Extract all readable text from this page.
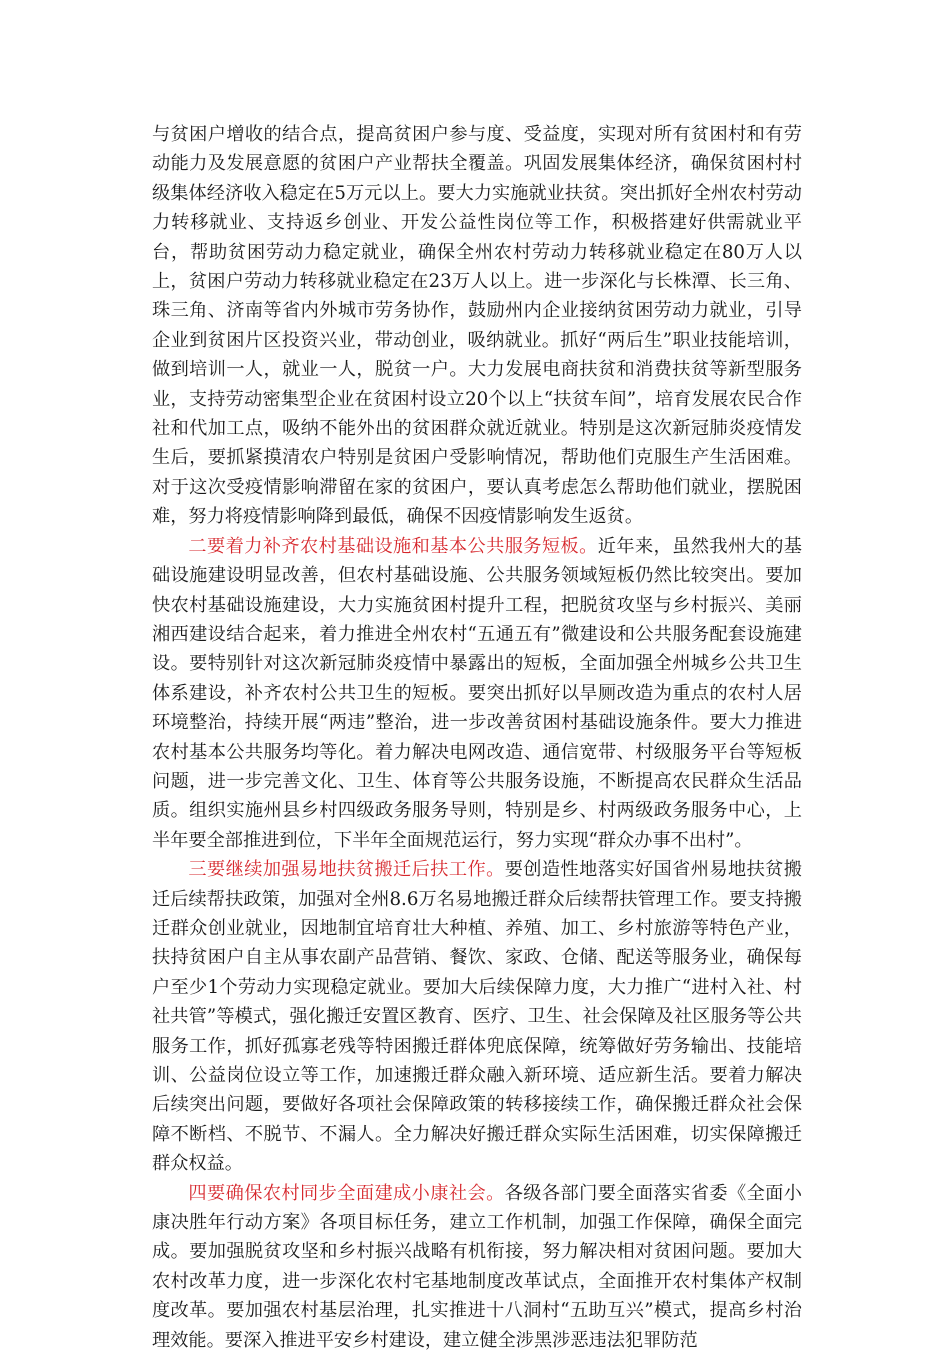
与贫困户增收的结合点，提高贫困户参与度、受益度，实现对所有贫困村和有劳动能力及发展意愿的贫困户产业帮扶全覆盖。巩固发展集体经济，确保贫困村村级集体经济收入稳定在5万元以上。要大力实施就业扶贫。突出抓好全州农村劳动力转移就业、支持返乡创业、开发公益性岗位等工作，积极搭建好供需就业平台，帮助贫困劳动力稳定就业，确保全州农村劳动力转移就业稳定在80万人以上，贫困户劳动力转移就业稳定在23万人以上。进一步深化与长株潭、长三角、珠三角、济南等省内外城市劳务协作，鼓励州内企业接纳贫困劳动力就业，引导企业到贫困片区投资兴业，带动创业，吸纳就业。抓好“两后生”职业技能培训，做到培训一人，就业一人，脱贫一户。大力发展电商扶贫和消费扶贫等新型服务业，支持劳动密集型企业在贫困村设立20个以上“扶贫车间”，培育发展农民合作社和代加工点，吸纳不能外出的贫困群众就近就业。特别是这次新冠肺炎疫情发生后，要抓紧摸清农户特别是贫困户受影响情况，帮助他们克服生产生活困难。对于这次受疫情影响滞留在家的贫困户，要认真考虑怎么帮助他们就业，摆脱困难，努力将疫情影响降到最低，确保不因疫情影响发生返贫。

二要着力补齐农村基础设施和基本公共服务短板。近年来，虽然我州大的基础设施建设明显改善，但农村基础设施、公共服务领域短板仍然比较突出。要加快农村基础设施建设，大力实施贫困村提升工程，把脱贫攻坚与乡村振兴、美丽湘西建设结合起来，着力推进全州农村“五通五有”微建设和公共服务配套设施建设。要特别针对这次新冠肺炎疫情中暴露出的短板，全面加强全州城乡公共卫生体系建设，补齐农村公共卫生的短板。要突出抓好以旱厕改造为重点的农村人居环境整治，持续开展“两违”整治，进一步改善贫困村基础设施条件。要大力推进农村基本公共服务均等化。着力解决电网改造、通信宽带、村级服务平台等短板问题，进一步完善文化、卫生、体育等公共服务设施，不断提高农民群众生活品质。组织实施州县乡村四级政务服务导则，特别是乡、村两级政务服务中心，上半年要全部推进到位，下半年全面规范运行，努力实现“群众办事不出村”。

三要继续加强易地扶贫搬迁后扶工作。要创造性地落实好国省州易地扶贫搬迁后续帮扶政策，加强对全州8.6万名易地搬迁群众后续帮扶管理工作。要支持搬迁群众创业就业，因地制宜培育壮大种植、养殖、加工、乡村旅游等特色产业，扶持贫困户自主从事农副产品营销、餐饮、家政、仓储、配送等服务业，确保每户至少1个劳动力实现稳定就业。要加大后续保障力度，大力推广“进村入社、村社共管”等模式，强化搬迁安置区教育、医疗、卫生、社会保障及社区服务等公共服务工作，抓好孤寡老残等特困搬迁群体兜底保障，统筹做好劳务输出、技能培训、公益岗位设立等工作，加速搬迁群众融入新环境、适应新生活。要着力解决后续突出问题，要做好各项社会保障政策的转移接续工作，确保搬迁群众社会保障不断档、不脱节、不漏人。全力解决好搬迁群众实际生活困难，切实保障搬迁群众权益。

四要确保农村同步全面建成小康社会。各级各部门要全面落实省委《全面小康决胜年行动方案》各项目标任务，建立工作机制，加强工作保障，确保全面完成。要加强脱贫攻坚和乡村振兴战略有机衔接，努力解决相对贫困问题。要加大农村改革力度，进一步深化农村宅基地制度改革试点，全面推开农村集体产权制度改革。要加强农村基层治理，扎实推进十八洞村“五助互兴”模式，提高乡村治理效能。要深入推进平安乡村建设，建立健全涉黑涉恶违法犯罪防范
